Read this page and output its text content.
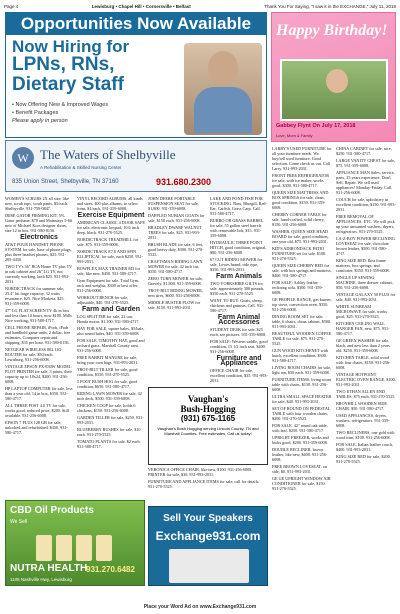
Page 4	Lewisburg • Chapel Hill • Cornersville • Belfast	Thank You For Saying, "I saw it in the EXCHANGE," July 11, 2018
Opportunities Now Available
Now Hiring for
LPNs, RNs, Dietary Staff
• Now Offering New & Improved Wages
• Benefit Packages
Please apply in person
Happy Birthday!
Gabbey Flynt On July 17, 2018
Love, Mom & Family
W The Waters of Shelbyville
A Rehabilitation & Skilled Nursing Center
835 Union Street, Shelbyville, TN 37160	931.680.2300

WOMEN'S SCRUBS 2X all size, like new, scrub tops, scrub pants, $5/each. Shelbyville. 931-759-0847.

IRISE GATOR FIRMING KIT, 5% Gator perfume, $70 and Mainstays 5-6ft new of Michael Kors designer shoes, size 12 in box, 931-580-0156.

Electronics

AT&T FOUR HANDSET PHONE SYSTEM for sale, base of phone plugs, plus three headset phones, $25. 931-205-4450.

TWO TV's 36" RCA Home TV plus TV in oak cabinet and 26" LG TV, not currently working, both $25. 931-993-2031.

NORDICTRACK for summer sale, 25.4" kit large capacity, 32 watts resonance, $25. Nice Marketa, $25. 931-359-6008.

47" LG FLAT SCREEN TV 4k in box and less than 10 hours, now $100. Mills Nice working, 931-580-4717.

CELL PHONE REPAIR, iPods, iPads and handheld game units, 2 dollar, free estimates, Computer repair and shipping, $35 per hour. 931-580-0156.

NETGEAR WIRELESS 802.11G ROUTER for sale, $50/each. Lewisburg, 931-256-6008.

VINTAGE EPSON PX-830W MODEL PLOT PRINTER for sale, 3 prints, their capacity up to 18x24, $200. 931-256-6008.

HP LAPTOP COMPUTER for sale, less than a year old, 14 in box, $350. 931-580-4717.

ALL THREE POST 4.0 TV for sale, works good, reduced price, $200. Still available, 931-256-6008.

EPSON 7 PLUS 128 GB for sale, unlocked and refurbished, $450. 931-580-4717.

VINYL RECORD ALBUMS, all kinds and sizes, 400 plus albums, to select from, $1/each, 931-359-6008.

Exercise Equipment

AMERICAN CLASSIC 4 DOOR SAFE for sale, electronic keypad, 10.6 inch deep, black. 931-270-5525.

NORDICTRACK TREADMILL for sale, $75. 931-359-6008.

NORDICTRACK E7.0 AND SPIN ELLIPTICAL for sale, each $250. 931-993-2031.

BOWFLEX MAX TRAINER M3 for sale, like new, $450. 931-580-4717.

Gym Equipment for sale, Total Gym, rack and weights, $300 or best offer, 931-256-6008.

WORKOUT BENCH for sale, adjustable, $40. 931-270-5525.

Farm and Garden

LOG SPLITTER for sale, 22 ton, Honda motor, $1,100. 931-580-4717.

HAY FOR SALE, square bales, $5/bale, also round bales, $40. 931-359-6008.

FOR SALE, TIMOTHY HAY, good and orchard grass, Marshall County area. 931-256-6008.

FREE RABBIT MANURE for sale, bring your own bags. 931-993-2031.

TROY-BILT TILLER for sale, good condition, $350. 931-270-5525.

5 FOOT BUSH HOG for sale, good condition, $650. 931-580-4717.

RIDING LAWN MOWER for sale, 42 inch deck, $500. 931-359-6008.

CHICKEN COOP for sale, holds 6 chickens, $150. 931-256-6008.

GARDEN TILLER for sale, $250. 931-993-2031.

BLUEBERRY BUSHES for sale, $10 each. 931-270-5525.

TOMATO PLANTS for sale, $2 each. 931-580-4717.

JOHN DEERE PORTABLE SUSPENSION SEAT for sale, $1,800. 931-359-6008.

DAPPLED NUBIAN GOATS for sale, $150 each. 931-256-6008.

BRADLEY DWARF WALNUT TREES for sale, $25. 931-993-2031.

BRUSH BLADE for sale, 6 feet, good heavy duty, $300. 931-270-5525.

CRAFTSMAN RIDING LAWN MOWER for sale, 42 inch cut, $550. 931-580-4717.

ZERO TURN MOWER for sale, Gravely, $1,800. 931-359-6008.

TROY-BILT RIDING MOWER, new tires, $600. 931-256-6008.

MIDDLE BUSTER PLOW for sale, $150. 931-993-2031.

LAKE AND POND FISH FOR STOCKING. Bass, Bluegill, Red-Ear, Catfish. Grass Carp. Call. 931-580-4717.

BURRO OR GRASS BARREL for sale, 55 gallon steel barrels with removable lids, $15. 931-359-6008.

HYDRAULIC THREE POINT HITCH, good condition, original, $80. 931-256-6008.

67 CUT RIDING MOWER for sale, Lowes brand, ride type, $350. 931-993-2031.

Farm Animals

TWO YORKSHIRE GILTS for sale, approximately 300 pounds, $350 each. 931-270-5525.

WANT TO BUY: Goats, sheep, chickens and guineas. Call. 931-580-4717.

Farm Animal Accessories

STUDENT DESK for sale, $25 each, see pictures. 931-359-6008.

FOR SALE: Western saddle, good condition, 15 1/2 inch seat, $400. 931-256-6008.

Furniture and Appliances

OFFICE CHAIR for sale, excellent condition, $35. 931-993-2031.

Vaughan's
Bush-Hogging
(931) 675-1165
Vaughan's Bush Hogging serving Lincoln County, TN and Marshall Counties. Free estimates, Call us today!

VERONICA OFFICE CHAIR, like new, $100. 931-256-6008. PRINTER for sale, $30. 931-993-2031.

FURNITURE AND APPLIANCE ITEMS for sale, call for details. 931-270-5525.

CBD Oil Products
We Sell
NUTRA HEALTH
931.270.6482
1105 Nashville Hwy, Lewisburg
Sell Your Speakers
Exchange931.com

LARRY'S USED FURNITURE for all your furniture needs. We buy/sell used furniture. Good selection. Come check us out. Call Larry. 931-993-2031.

FRONT FREE REFRIGERATOR for sale, with ice maker, works good, $300. 931-580-4717.

QUEEN SIZE MATTRESS AND BOX SPRINGS for sale, clean, good condition, $150. 931-359-6008.

CHERRY CORNER TABLE for sale, hand-crafted, solid cherry, $150. 931-256-6008.

WASHER, QUEEN SIZE HEAD BOARD for sale, good condition, one year old, $75. 931-993-2031.

KID'S ADIRONDACK PATIO FURNITURE set for sale, $100. 931-270-5525.

QUEEN SIZE CHERRY BED for sale, with box springs and mattress, $400. 931-580-4717.

FOR SALE: Ashley leather reclining sofa, $300. 931-359-6008.

GE PROFILE RANGE, gas burner, top stove, convection oven, $350. 931-256-6008.

DINING ROOM SET for sale, table, 6 chairs, china cabinet, $500. 931-993-2031.

BEAUTIFUL WOODEN COFFEE TABLE for sale, $75. 931-270-5525.

GUN WOOD KITCHENET with hutch, excellent condition, $300. 931-580-4717.

LIVING ROOM CHAIRS for sale, light tan, $50 each. 931-359-6008.

FURNITURE ITEMS, living room table with chairs, $150. 931-256-6008.

ULTRA SMALL SPACE HEATER for sale, $40. 931-993-2031.

SET OF ROUND ON PEDESTAL TABLE with four wooden chairs, $200. 931-270-5525.

FOR SALE, 42" round oak table, with leaf, $250. 931-580-4717.

UPRIGHT FREEZER, works and looks good, $200. 931-359-6008.

DOUBLE RECLINER, brown leather, like new, $400. 931-256-6008.

FREE BROWN LOVESEAT, on side, $0. 931-993-2031.

GE GE UPRIGHT WINDOW AIR CONDITIONER for sale, $150. 931-270-5525.

CHINA CABINET for sale, nice, $250. 931-580-4717.

LARGE VANITY CHEST for sale, $75. 931-359-6008.

APPLIANCE MAN Sales, service, parts, 25 years experience. Don't Sell, Repair. We sell used appliances! Monday-Friday. Call. 931-256-6008.

COUCH for sale, upholstery in excellent condition, $150. 931-993-2031.

FREE REMOVAL OF APPLIANCES, ETC. We will pick up your unwanted washers, dryers, refrigerators. 931-270-5525.

LA-Z-BOY POWER RECLINING LOVESEAT for sale, chocolate brown leather, $500. 931-580-4717.

KING SIZE BED, Ikea frame mattress, box springs, and comforter, $350. 931-359-6008.

SINGLE UP SEWING MACHINE, three drawer cabinet, $50. 931-256-6008.

VINTAGE GALAXY 50 PLUS for sale, $40. 931-993-2031.

WHITE SUNBEAM MICROWAVE for sale, works good, $25. 931-270-5525.

KITCHEN CEILING WALL HANGER FAN, new, $75. 931-580-4717.

GE GREEN WASHER for sale, black, and new less than 2 years old, $250. 931-359-6008.

KITCHEN TABLE, solid wood with four chairs, $150. 931-256-6008.

VINTAGE HOTPOINT ELECTRIC OVEN RANGE, $100. 931-993-2031.

TWO ETHAN ALLEN END TABLES, $75 each. 931-270-5525.

BROYHILL WOODEN SIDE CHAIR, $50. 931-580-4717.

USED APPLIANCES, dryers, washers, refrigerators. 931-359-6008.

TWO RECLINERS, one gold with wood trim, $100. 931-256-6008.

FOR SALE, Italian leather couch, $400. 931-993-2031.

KING SIZE BED for sale, $200. 931-270-5525.

Place your Word Ad on www.Exchange931.com
